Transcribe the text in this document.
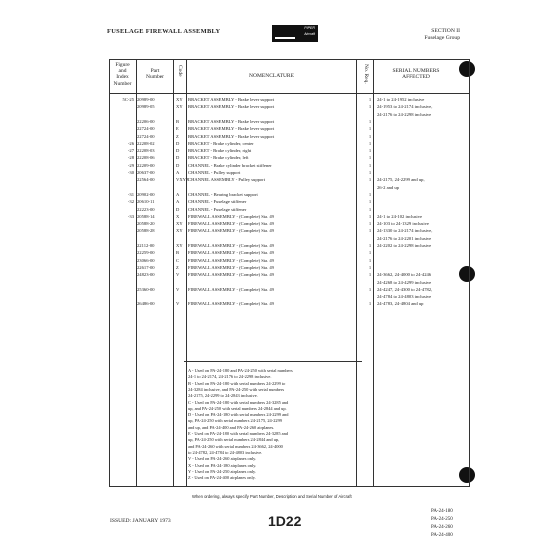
FUSELAGE FIREWALL ASSEMBLY	PIPER
Aircraft	SECTION II
Fuselage Group
Figure
and
Index
Number
Part
Number
Code	NOMENCLATURE	No. Req.	SERIAL NUMBERS
AFFECTED
5C-25 20989-00	XY BRACKET ASSEMBLY - Brake lever support	1	24-1 to 24-1952 inclusive
20989-05	XY BRACKET ASSEMBLY - Brake lever support	1	24-1953 to 24-2174 inclusive,
24-2176 to 24-2298 inclusive
22206-00	B BRACKET ASSEMBLY - Brake lever support	1
22724-00	E BRACKET ASSEMBLY - Brake lever support	1
22724-00	Z BRACKET ASSEMBLY - Brake lever support	1
-26 22208-02	D BRACKET - Brake cylinder, center	1
-27 22208-03	D BRACKET - Brake cylinder, right	1
-28 22208-06	D BRACKET - Brake cylinder, left	1
-29 22209-00	D CHANNEL - Brake cylinder bracket stiffener	1
-30 20637-00	A CHANNEL - Pulley support	1
22564-00	VXYZ CHANNEL ASSEMBLY - Pulley support	1	24-2175, 24-2299 and up,
26-2 and up
-31 20902-00	A CHANNEL - Bearing bracket support	1
-32 20610-11	A CHANNEL - Fuselage stiffener	1
22223-00	D CHANNEL - Fuselage stiffener	1
-33 20588-14	X FIREWALL ASSEMBLY - (Complete) Sta. 49	1	24-1 to 24-102 inclusive
20588-20	XY FIREWALL ASSEMBLY - (Complete) Sta. 49	1	24-103 to 24-1329 inclusive
20588-28	XY FIREWALL ASSEMBLY - (Complete) Sta. 49	1	24-1330 to 24-2174 inclusive,
24-2176 to 24-2201 inclusive
22112-00	XY FIREWALL ASSEMBLY - (Complete) Sta. 49	1	24-2202 to 24-2298 inclusive
22259-00	B FIREWALL ASSEMBLY - (Complete) Sta. 49	1
23066-00	C FIREWALL ASSEMBLY - (Complete) Sta. 49	1
22617-00	Z FIREWALL ASSEMBLY - (Complete) Sta. 49	1
24823-00	V FIREWALL ASSEMBLY - (Complete) Sta. 49	1	24-3662, 24-4000 to 24-4246
24-4268 to 24-4299 inclusive
25360-00	V FIREWALL ASSEMBLY - (Complete) Sta. 49	1	24-4247, 24-4300 to 24-4782,
24-4784 to 24-4803 inclusive
26486-00	V FIREWALL ASSEMBLY - (Complete) Sta. 49	1	24-4783, 24-4804 and up
A - Used on PA-24-180 and PA-24-250 with serial numbers
24-1 to 24-2174, 24-2176 to 24-2298 inclusive.
B - Used on PA-24-180 with serial numbers 24-2299 to
24-3284 inclusive, and PA-24-250 with serial numbers
24-2175, 24-2299 to 24-2843 inclusive.
C - Used on PA-24-180 with serial numbers 24-3285 and
up, and PA-24-250 with serial numbers 24-2844 and up.
D - Used on PA-24-180 with serial numbers 24-2299 and
up, PA-24-250 with serial numbers 24-2175, 24-2299
and up, and PA-24-400 and PA-24-260 airplanes.
E - Used on PA-24-180 with serial numbers 24-3285 and
up, PA-24-250 with serial numbers 24-2844 and up,
and PA-24-260 with serial numbers 24-3662, 24-4000
to 24-4782, 24-4784 to 24-4803 inclusive.
V - Used on PA-24-260 airplanes only.
X - Used on PA-24-180 airplanes only.
Y - Used on PA-24-250 airplanes only.
Z - Used on PA-24-400 airplanes only.
When ordering, always specify Part Number, Description and Serial Number of Aircraft
ISSUED: JANUARY 1973	1D22
PA-24-180
PA-24-250
PA-24-260
PA-24-400
